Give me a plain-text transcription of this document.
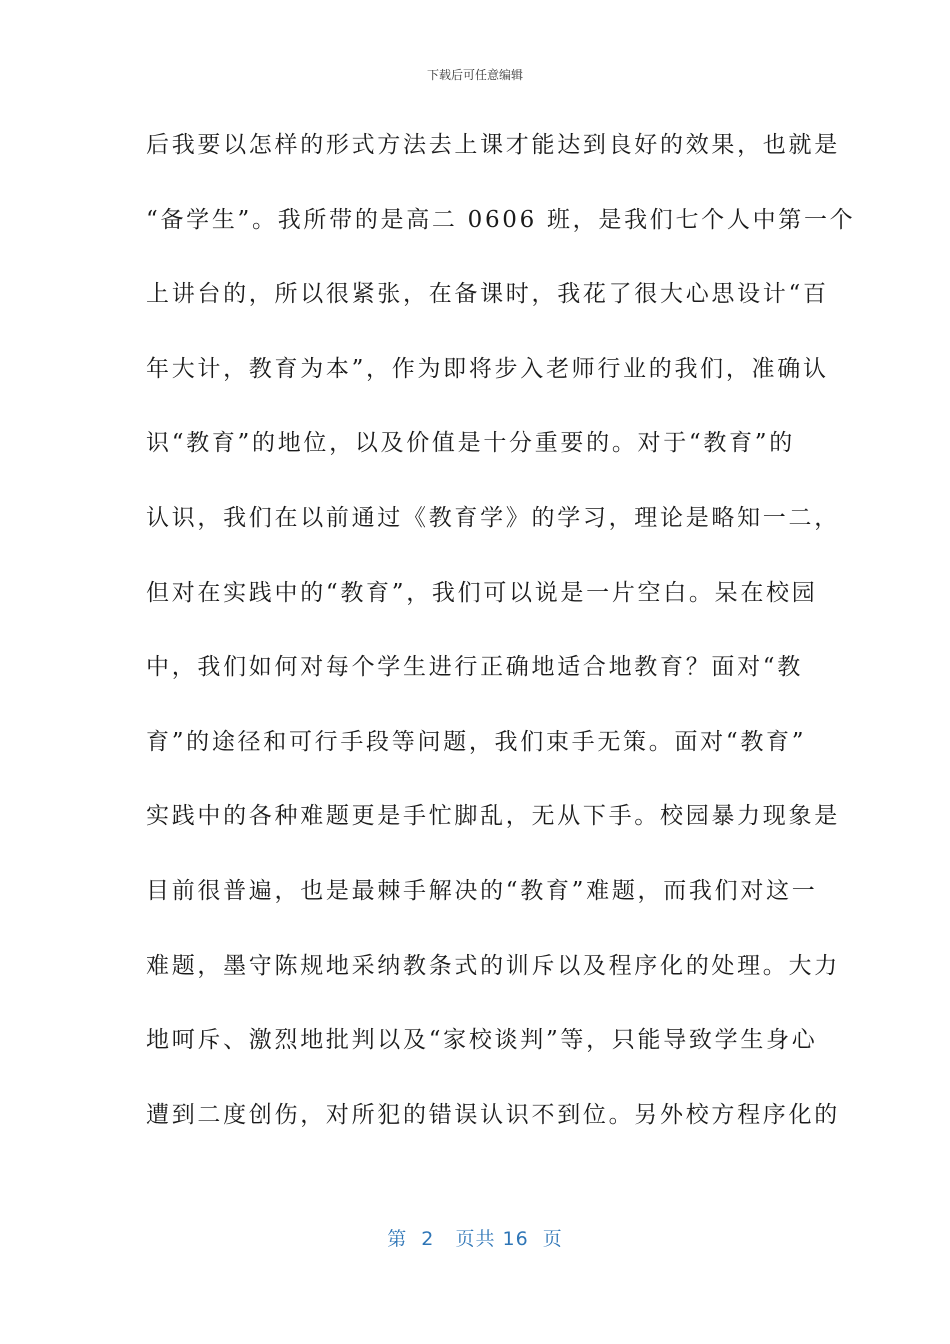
下载后可任意编辑
后我要以怎样的形式方法去上课才能达到良好的效果，也就是
“备学生”。我所带的是高二 0606 班，是我们七个人中第一个
上讲台的，所以很紧张，在备课时，我花了很大心思设计“百
年大计，教育为本”，作为即将步入老师行业的我们，准确认
识“教育”的地位，以及价值是十分重要的。对于“教育”的
认识，我们在以前通过《教育学》的学习，理论是略知一二，
但对在实践中的“教育”，我们可以说是一片空白。呆在校园
中，我们如何对每个学生进行正确地适合地教育？面对“教
育”的途径和可行手段等问题，我们束手无策。面对“教育”
实践中的各种难题更是手忙脚乱，无从下手。校园暴力现象是
目前很普遍，也是最棘手解决的“教育”难题，而我们对这一
难题，墨守陈规地采纳教条式的训斥以及程序化的处理。大力
地呵斥、激烈地批判以及“家校谈判”等，只能导致学生身心
遭到二度创伤，对所犯的错误认识不到位。另外校方程序化的
第  2   页共 16  页
